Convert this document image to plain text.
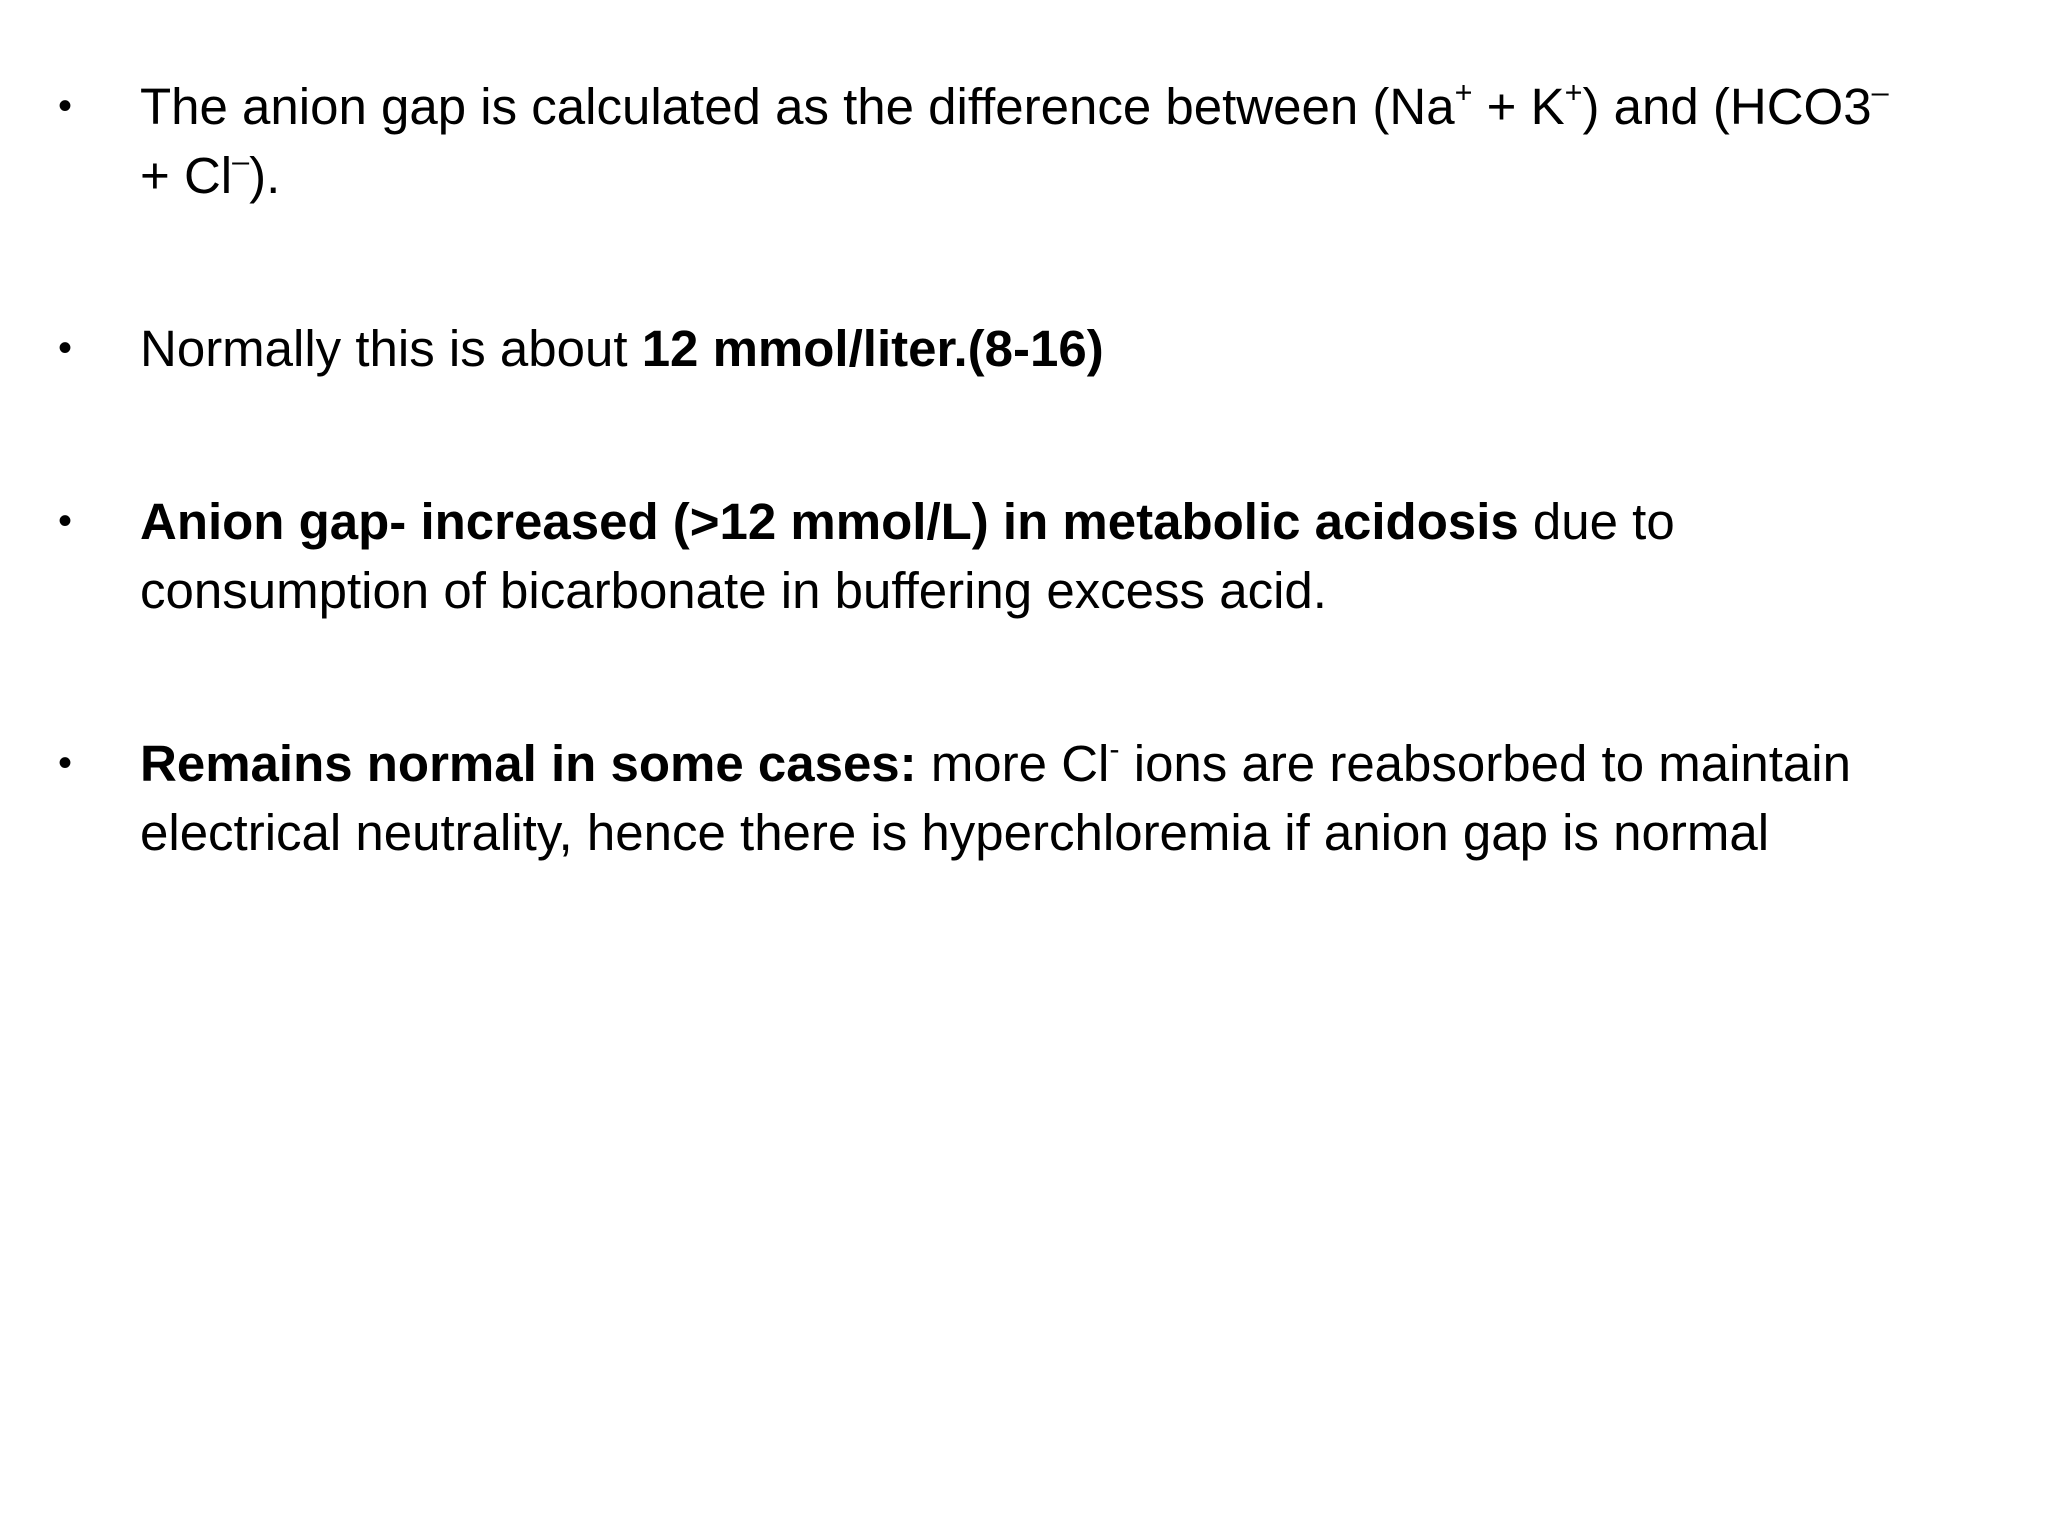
•	The anion gap is calculated as the difference between (Na+ + K+) and (HCO3–
+ Cl–).
•	Normally this is about 12 mmol/liter.(8-16)
•	Anion gap- increased (>12 mmol/L) in metabolic acidosis due to consumption of bicarbonate in buffering excess acid.
•	Remains normal in some cases: more Cl- ions are reabsorbed to maintain electrical neutrality, hence there is hyperchloremia if anion gap is normal
